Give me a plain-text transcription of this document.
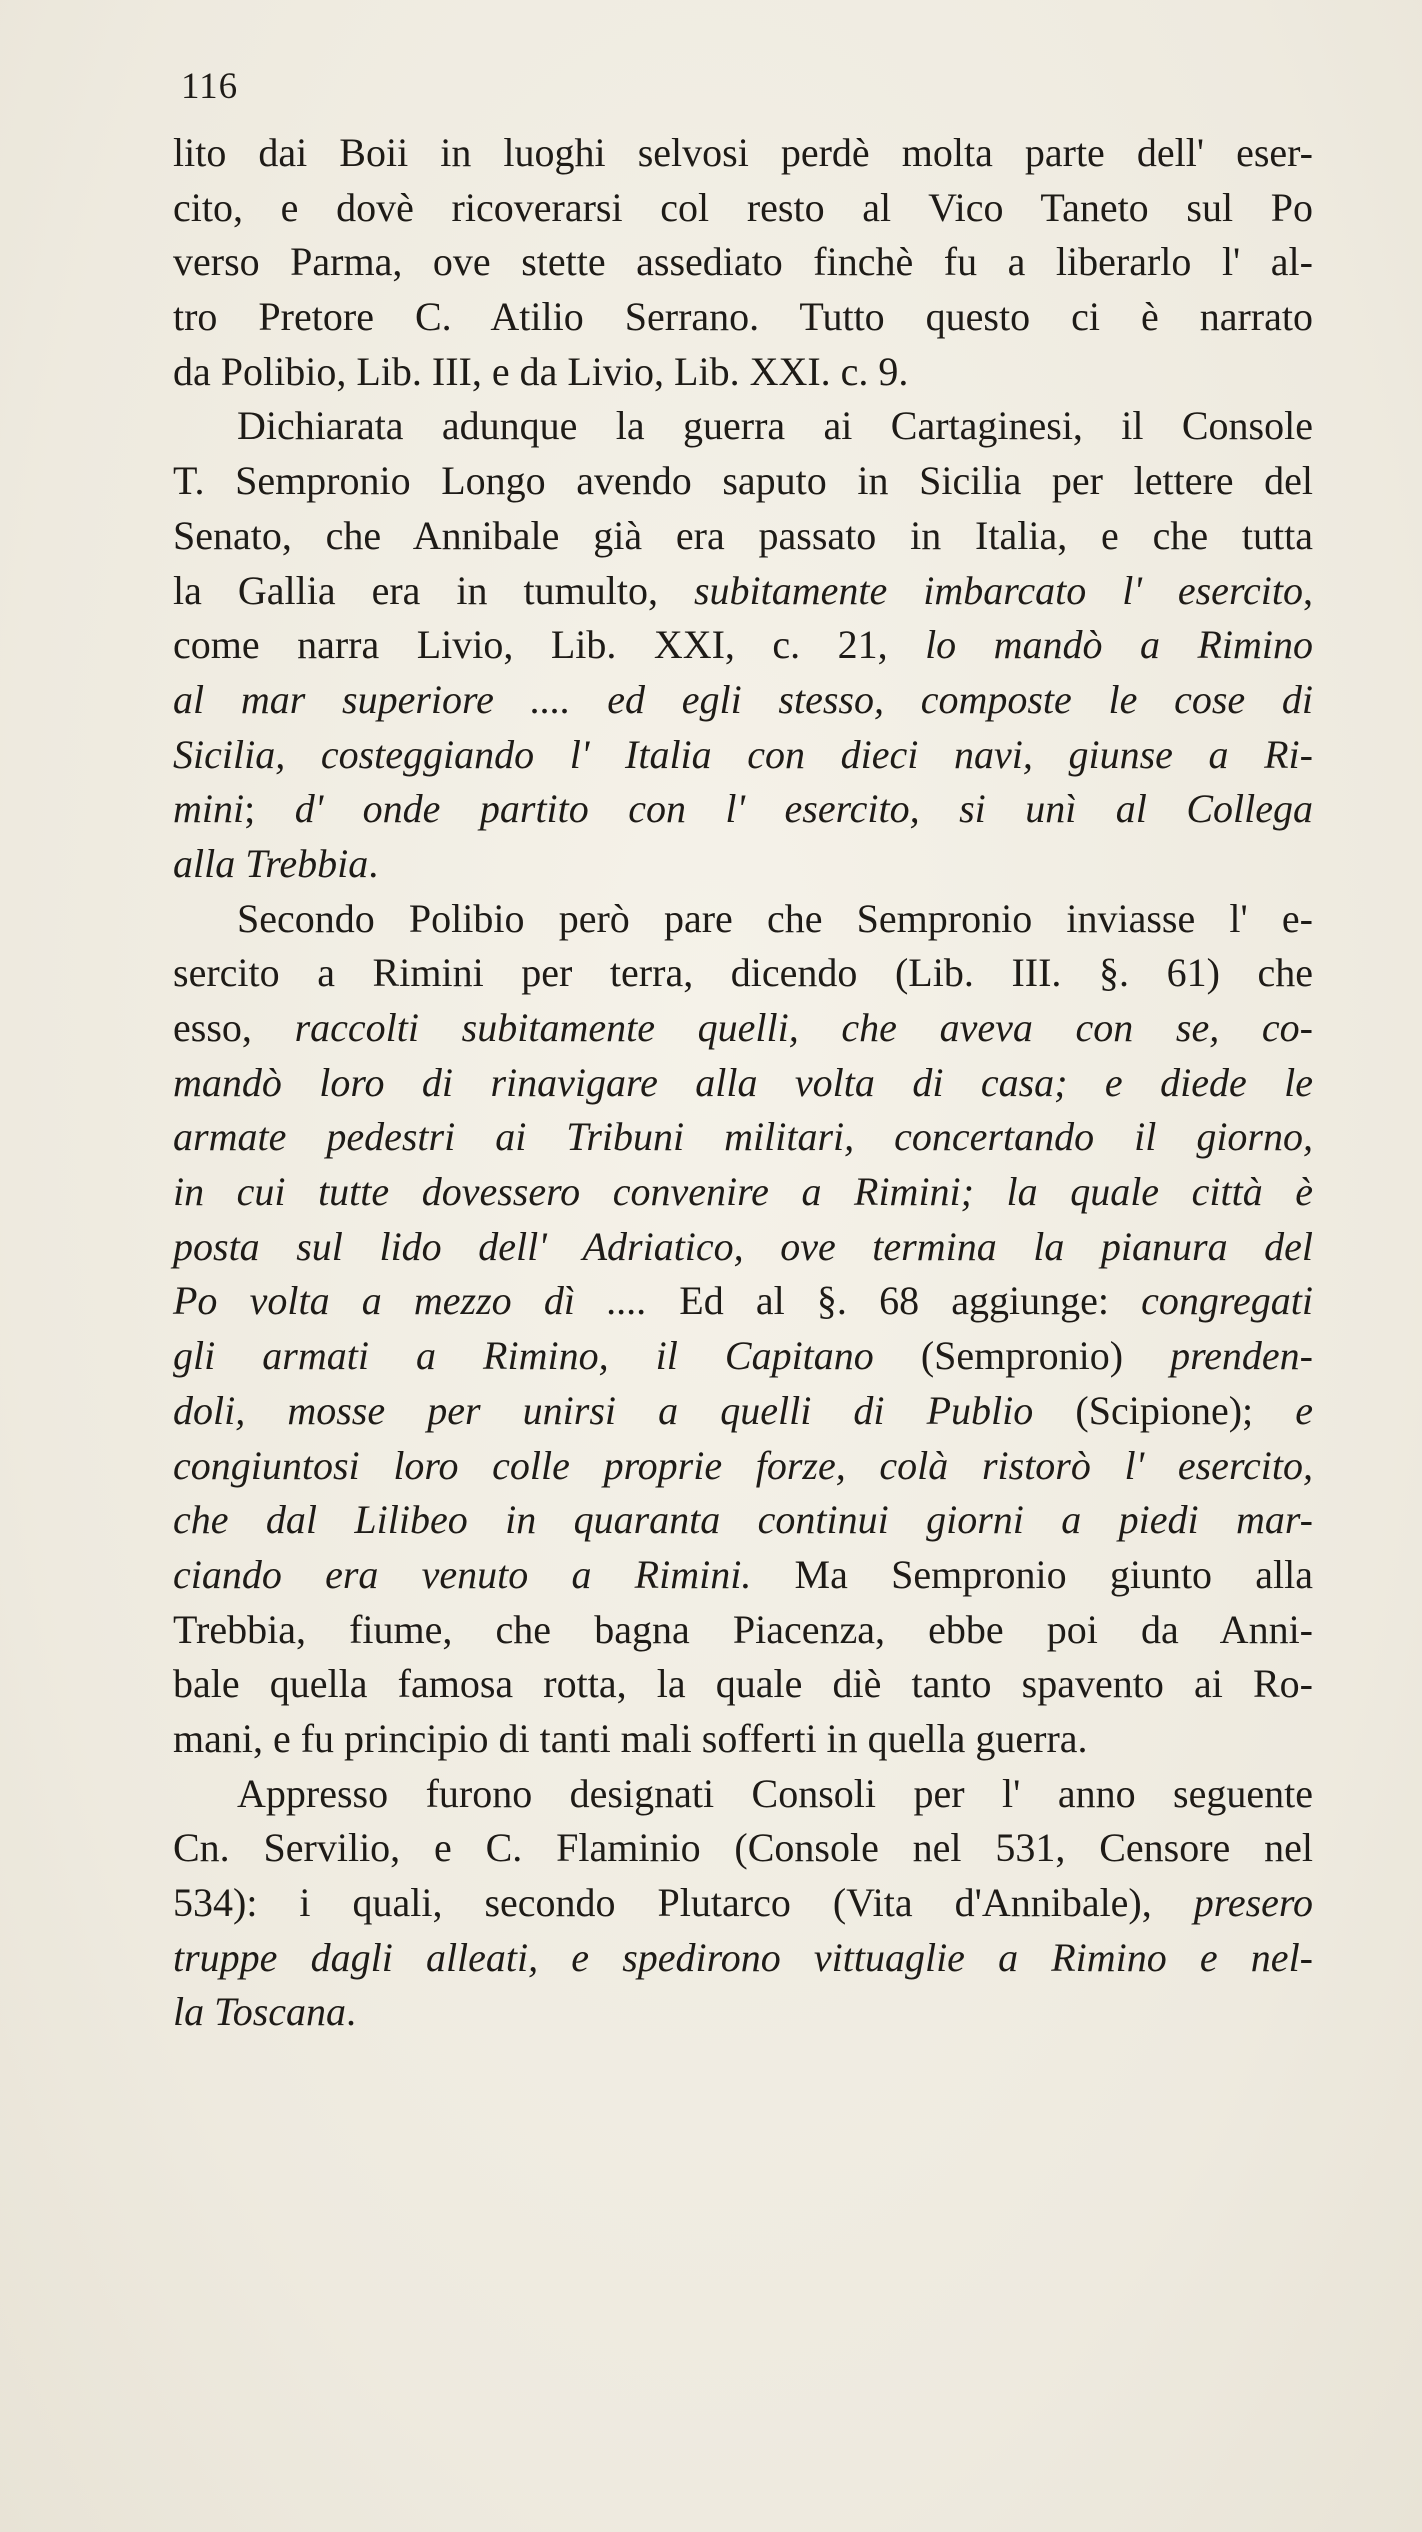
116
lito dai Boii in luoghi selvosi perdè molta parte dell' eser-
cito, e dovè ricoverarsi col resto al Vico Taneto sul Po
verso Parma, ove stette assediato finchè fu a liberarlo l' al-
tro Pretore C. Atilio Serrano. Tutto questo ci è narrato
da Polibio, Lib. III, e da Livio, Lib. XXI. c. 9.
Dichiarata adunque la guerra ai Cartaginesi, il Console
T. Sempronio Longo avendo saputo in Sicilia per lettere del
Senato, che Annibale già era passato in Italia, e che tutta
la Gallia era in tumulto, subitamente imbarcato l' esercito,
come narra Livio, Lib. XXI, c. 21, lo mandò a Rimino
al mar superiore .... ed egli stesso, composte le cose di
Sicilia, costeggiando l' Italia con dieci navi, giunse a Ri-
mini; d' onde partito con l' esercito, si unì al Collega
alla Trebbia.
Secondo Polibio però pare che Sempronio inviasse l' e-
sercito a Rimini per terra, dicendo (Lib. III. §. 61) che
esso, raccolti subitamente quelli, che aveva con se, co-
mandò loro di rinavigare alla volta di casa; e diede le
armate pedestri ai Tribuni militari, concertando il giorno,
in cui tutte dovessero convenire a Rimini; la quale città è
posta sul lido dell' Adriatico, ove termina la pianura del
Po volta a mezzo dì .... Ed al §. 68 aggiunge: congregati
gli armati a Rimino, il Capitano (Sempronio) prenden-
doli, mosse per unirsi a quelli di Publio (Scipione); e
congiuntosi loro colle proprie forze, colà ristorò l' esercito,
che dal Lilibeo in quaranta continui giorni a piedi mar-
ciando era venuto a Rimini. Ma Sempronio giunto alla
Trebbia, fiume, che bagna Piacenza, ebbe poi da Anni-
bale quella famosa rotta, la quale diè tanto spavento ai Ro-
mani, e fu principio di tanti mali sofferti in quella guerra.
Appresso furono designati Consoli per l' anno seguente
Cn. Servilio, e C. Flaminio (Console nel 531, Censore nel
534): i quali, secondo Plutarco (Vita d'Annibale), presero
truppe dagli alleati, e spedirono vittuaglie a Rimino e nel-
la Toscana.
